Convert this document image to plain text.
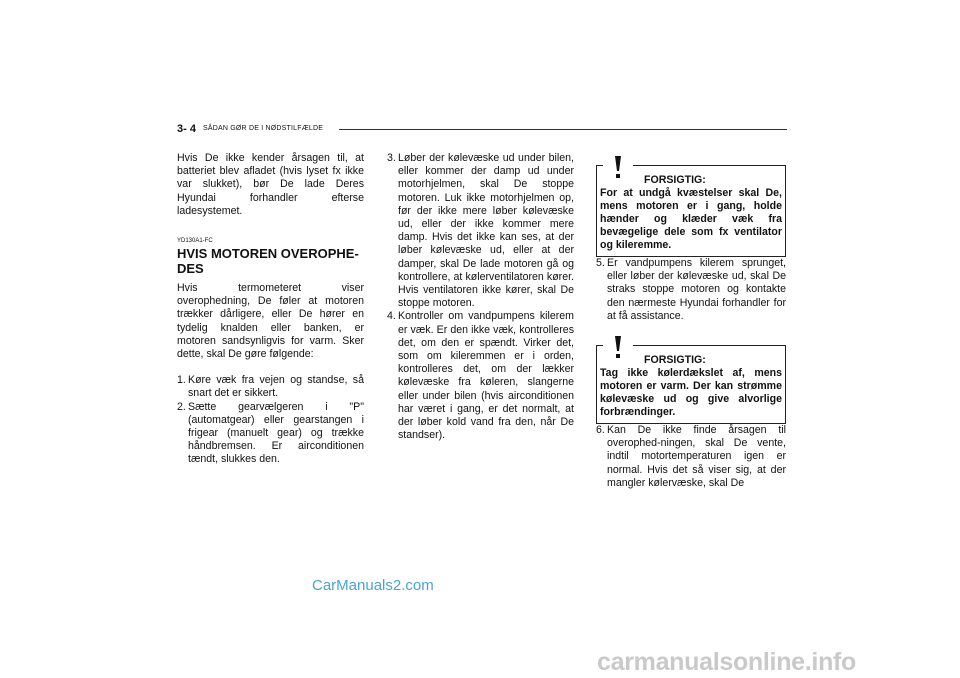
3- 4 SÅDAN GØR DE I NØDSTILFÆLDE

Hvis De ikke kender årsagen til, at batteriet blev afladet (hvis lyset fx ikke var slukket), bør De lade Deres Hyundai forhandler efterse ladesystemet.

YD130A1-FC
HVIS MOTOREN OVEROPHE-DES

Hvis termometeret viser overophedning, De føler at motoren trækker dårligere, eller De hører en tydelig knalden eller banken, er motoren sandsynligvis for varm. Sker dette, skal De gøre følgende:

1. Køre væk fra vejen og standse, så snart det er sikkert.
2. Sætte gearvælgeren i "P" (automatgear) eller gearstangen i frigear (manuelt gear) og trække håndbremsen. Er airconditionen tændt, slukkes den.
3. Løber der kølevæske ud under bilen, eller kommer der damp ud under motorhjelmen, skal De stoppe motoren. Luk ikke motorhjelmen op, før der ikke mere løber kølevæske ud, eller der ikke kommer mere damp. Hvis det ikke kan ses, at der løber kølevæske ud, eller at der damper, skal De lade motoren gå og kontrollere, at kølerventilatoren kører. Hvis ventilatoren ikke kører, skal De stoppe motoren.
4. Kontroller om vandpumpens kilerem er væk. Er den ikke væk, kontrolleres det, om den er spændt. Virker det, som om kileremmen er i orden, kontrolleres det, om der lækker kølevæske fra køleren, slangerne eller under bilen (hvis airconditionen har været i gang, er det normalt, at der løber kold vand fra den, når De standser).
FORSIGTIG:
For at undgå kvæstelser skal De, mens motoren er i gang, holde hænder og klæder væk fra bevægelige dele som fx ventilator og kileremme.
5. Er vandpumpens kilerem sprunget, eller løber der kølevæske ud, skal De straks stoppe motoren og kontakte den nærmeste Hyundai forhandler for at få assistance.
FORSIGTIG:
Tag ikke kølerdækslet af, mens motoren er varm. Der kan strømme kølevæske ud og give alvorlige forbrændinger.
6. Kan De ikke finde årsagen til overophed-ningen, skal De vente, indtil motortemperaturen igen er normal. Hvis det så viser sig, at der mangler kølervæske, skal De
CarManuals2.com
carmanualsonline.info
